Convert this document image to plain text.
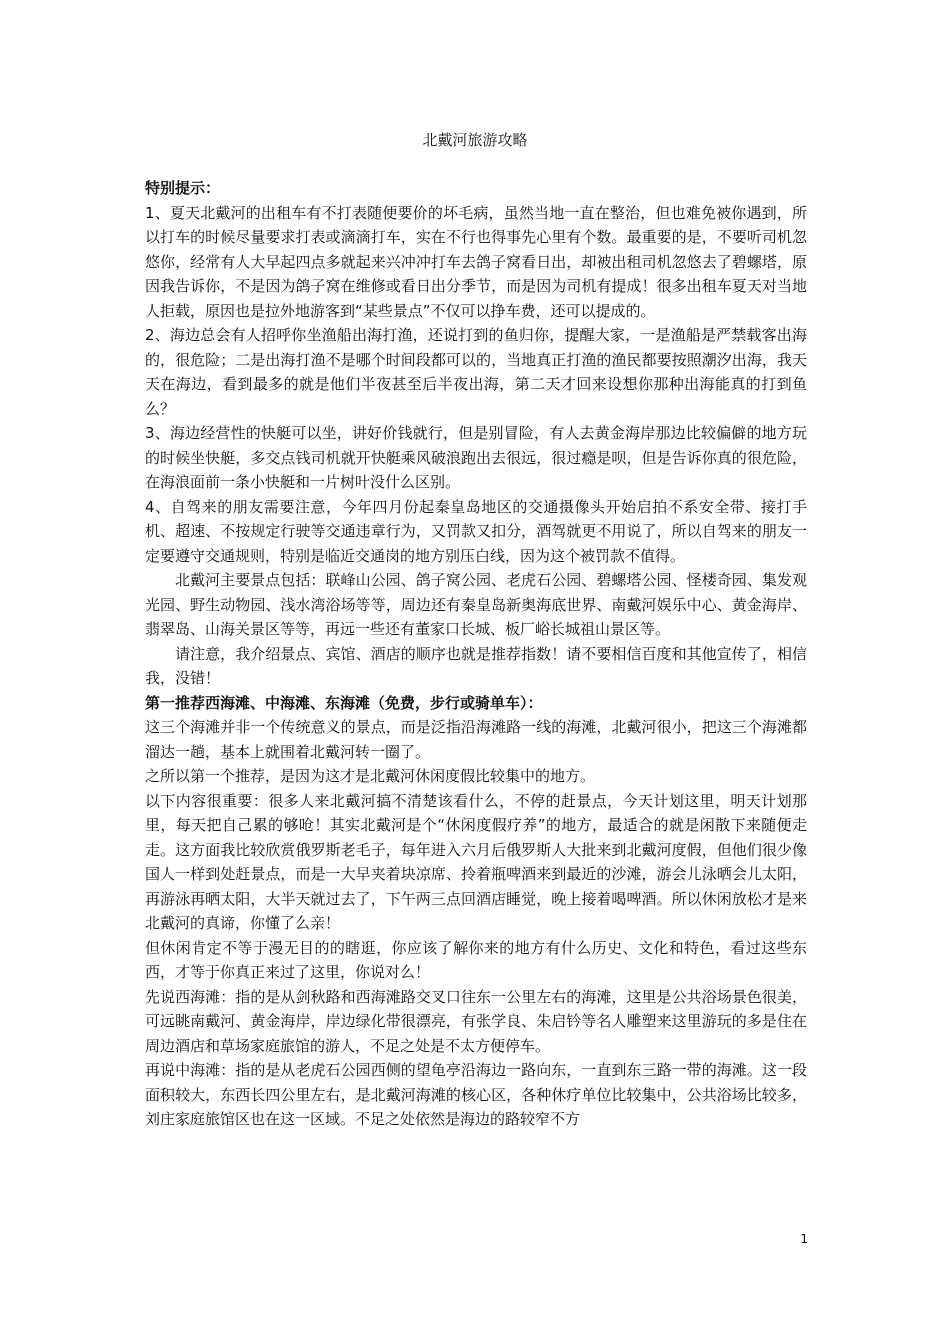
北戴河旅游攻略

特别提示：

1、夏天北戴河的出租车有不打表随便要价的坏毛病，虽然当地一直在整治，但也难免被你遇到，所以打车的时候尽量要求打表或滴滴打车，实在不行也得事先心里有个数。最重要的是，不要听司机忽悠你，经常有人大早起四点多就起来兴冲冲打车去鸽子窝看日出，却被出租司机忽悠去了碧螺塔，原因我告诉你，不是因为鸽子窝在维修或看日出分季节，而是因为司机有提成！很多出租车夏天对当地人拒载，原因也是拉外地游客到“某些景点”不仅可以挣车费，还可以提成的。

2、海边总会有人招呼你坐渔船出海打渔，还说打到的鱼归你，提醒大家，一是渔船是严禁载客出海的，很危险；二是出海打渔不是哪个时间段都可以的，当地真正打渔的渔民都要按照潮汐出海，我天天在海边，看到最多的就是他们半夜甚至后半夜出海，第二天才回来设想你那种出海能真的打到鱼么？

3、海边经营性的快艇可以坐，讲好价钱就行，但是别冒险，有人去黄金海岸那边比较偏僻的地方玩的时候坐快艇，多交点钱司机就开快艇乘风破浪跑出去很远，很过瘾是呗，但是告诉你真的很危险，在海浪面前一条小快艇和一片树叶没什么区别。

4、自驾来的朋友需要注意，今年四月份起秦皇岛地区的交通摄像头开始启拍不系安全带、接打手机、超速、不按规定行驶等交通违章行为，又罚款又扣分，酒驾就更不用说了，所以自驾来的朋友一定要遵守交通规则，特别是临近交通岗的地方别压白线，因为这个被罚款不值得。

北戴河主要景点包括：联峰山公园、鸽子窝公园、老虎石公园、碧螺塔公园、怪楼奇园、集发观光园、野生动物园、浅水湾浴场等等，周边还有秦皇岛新奥海底世界、南戴河娱乐中心、黄金海岸、翡翠岛、山海关景区等等，再远一些还有董家口长城、板厂峪长城祖山景区等。

请注意，我介绍景点、宾馆、酒店的顺序也就是推荐指数！请不要相信百度和其他宣传了，相信我，没错！

第一推荐西海滩、中海滩、东海滩（免费，步行或骑单车）：

这三个海滩并非一个传统意义的景点，而是泛指沿海滩路一线的海滩，北戴河很小，把这三个海滩都溜达一趟，基本上就围着北戴河转一圈了。

之所以第一个推荐，是因为这才是北戴河休闲度假比较集中的地方。

以下内容很重要：很多人来北戴河搞不清楚该看什么，不停的赶景点，今天计划这里，明天计划那里，每天把自己累的够呛！其实北戴河是个“休闲度假疗养”的地方，最适合的就是闲散下来随便走走。这方面我比较欣赏俄罗斯老毛子，每年进入六月后俄罗斯人大批来到北戴河度假，但他们很少像国人一样到处赶景点，而是一大早夹着块凉席、拎着瓶啤酒来到最近的沙滩，游会儿泳晒会儿太阳，再游泳再晒太阳，大半天就过去了，下午两三点回酒店睡觉，晚上接着喝啤酒。所以休闲放松才是来北戴河的真谛，你懂了么亲！

但休闲肯定不等于漫无目的的瞎逛，你应该了解你来的地方有什么历史、文化和特色，看过这些东西，才等于你真正来过了这里，你说对么！

先说西海滩：指的是从剑秋路和西海滩路交叉口往东一公里左右的海滩，这里是公共浴场景色很美，可远眺南戴河、黄金海岸，岸边绿化带很漂亮，有张学良、朱启钤等名人雕塑来这里游玩的多是住在周边酒店和草场家庭旅馆的游人，不足之处是不太方便停车。

再说中海滩：指的是从老虎石公园西侧的望龟亭沿海边一路向东，一直到东三路一带的海滩。这一段面积较大，东西长四公里左右，是北戴河海滩的核心区，各种休疗单位比较集中，公共浴场比较多，刘庄家庭旅馆区也在这一区域。不足之处依然是海边的路较窄不方

1
